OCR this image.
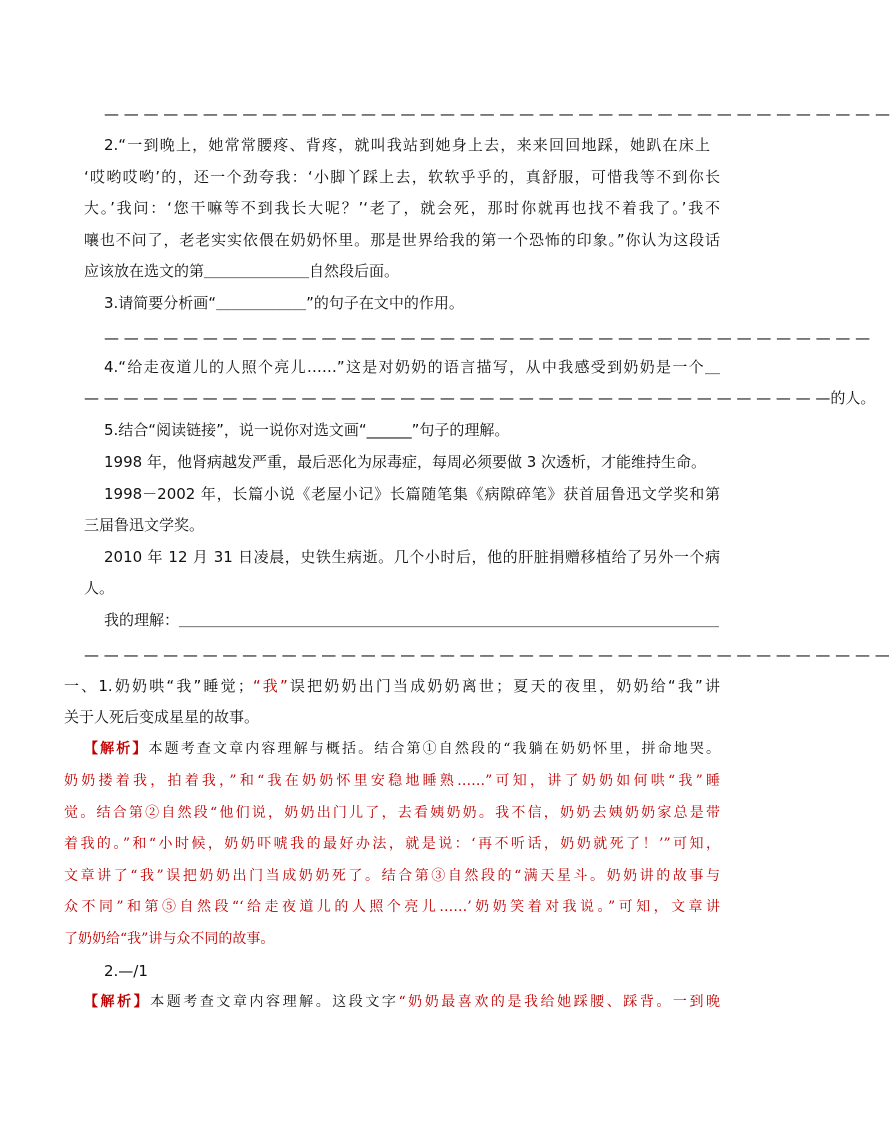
— — — — — — — — — — — — — — — — — — — — — — — — — — — — — — — — — — — — — — — —
2.“一到晚上，她常常腰疼、背疼，就叫我站到她身上去，来来回回地踩，她趴在床上
‘哎哟哎哟’的，还一个劲夸我：‘小脚丫踩上去，软软乎乎的，真舒服，可惜我等不到你长
大。’我问：‘您干嘛等不到我长大呢？’‘老了，就会死，那时你就再也找不着我了。’我不
嚷也不问了，老老实实依偎在奶奶怀里。那是世界给我的第一个恐怖的印象。”你认为这段话
应该放在选文的第＿＿＿＿＿＿＿自然段后面。
3.请简要分析画“＿＿＿＿＿＿”的句子在文中的作用。
— — — — — — — — — — — — — — — — — — — — — — — — — — — — — — — — — — — — — — —
4.“给走夜道儿的人照个亮儿……”这是对奶奶的语言描写，从中我感受到奶奶是一个＿
— — — — — — — — — — — — — — — — — — — — — — — — — — — — — — — — — — — — — —的人。
5.结合“阅读链接”，说一说你对选文画“______”句子的理解。
1998 年，他肾病越发严重，最后恶化为尿毒症，每周必须要做 3 次透析，才能维持生命。
1998－2002 年，长篇小说《老屋小记》长篇随笔集《病隙碎笔》获首届鲁迅文学奖和第
三届鲁迅文学奖。
2010 年 12 月 31 日凌晨，史铁生病逝。几个小时后，他的肝脏捐赠移植给了另外一个病
人。
我的理解：＿＿＿＿＿＿＿＿＿＿＿＿＿＿＿＿＿＿＿＿＿＿＿＿＿＿＿＿＿＿＿＿＿＿＿＿
— — — — — — — — — — — — — — — — — — — — — — — — — — — — — — — — — — — — — — — — —
一、1.奶奶哄“我”睡觉；“我”误把奶奶出门当成奶奶离世；夏天的夜里，奶奶给“我”讲
关于人死后变成星星的故事。
【解析】本题考查文章内容理解与概括。结合第①自然段的“我躺在奶奶怀里，拼命地哭。
奶奶搂着我，拍着我，”和“我在奶奶怀里安稳地睡熟……”可知，讲了奶奶如何哄“我”睡
觉。结合第②自然段“他们说，奶奶出门儿了，去看姨奶奶。我不信，奶奶去姨奶奶家总是带
着我的。”和“小时候，奶奶吓唬我的最好办法，就是说：‘再不听话，奶奶就死了！’”可知，
文章讲了“我”误把奶奶出门当成奶奶死了。结合第③自然段的“满天星斗。奶奶讲的故事与
众不同”和第⑤自然段“‘给走夜道儿的人照个亮儿……’奶奶笑着对我说。”可知，文章讲
了奶奶给“我”讲与众不同的故事。
2.—/1
【解析】本题考查文章内容理解。这段文字“奶奶最喜欢的是我给她踩腰、踩背。一到晚
